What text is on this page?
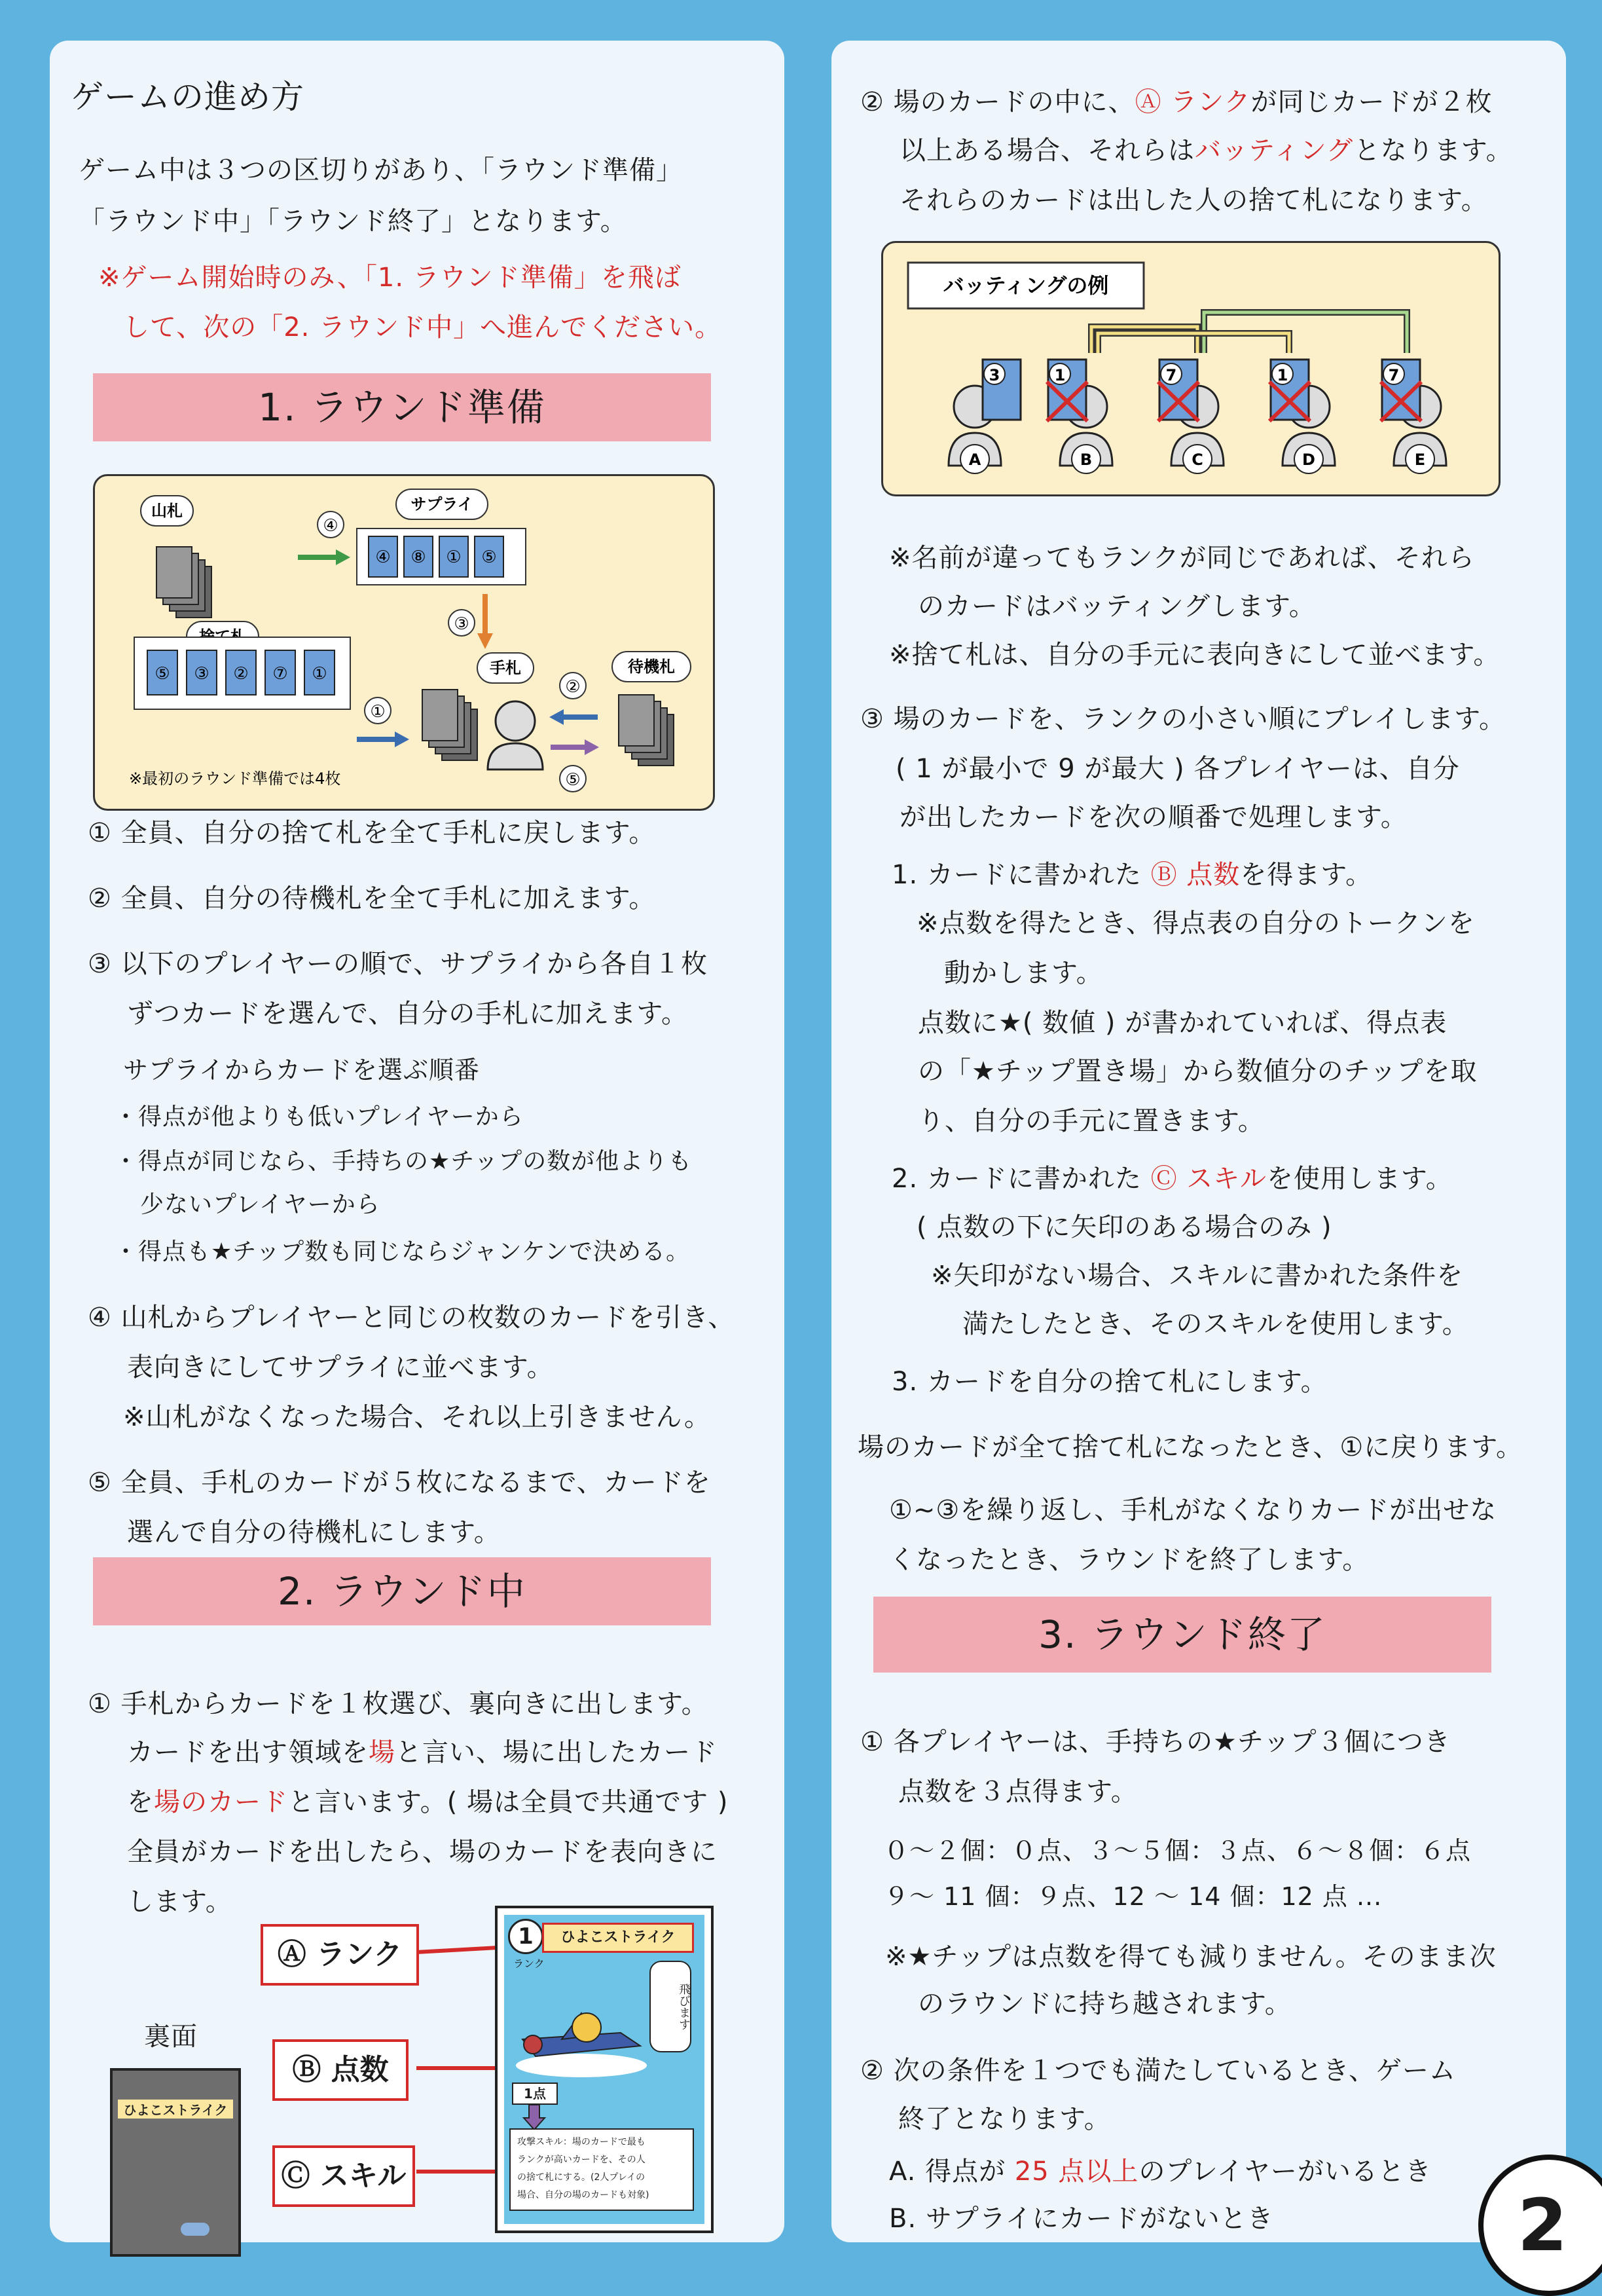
ゲームの進め方
ゲーム中は３つの区切りがあり、「ラウンド準備」
「ラウンド中」「ラウンド終了」となります。
※ゲーム開始時のみ、「1. ラウンド準備」を飛ば
して、次の「2. ラウンド中」へ進んでください。
1. ラウンド準備
山札	サプライ
④ ⑧ ① ⑤
④
③
⑤ ③ ② ⑦ ①
①
手札
②
⑤
待機札
※最初のラウンド準備では4枚
① 全員、自分の捨て札を全て手札に戻します。
② 全員、自分の待機札を全て手札に加えます。
③ 以下のプレイヤーの順で、サプライから各自１枚
ずつカードを選んで、自分の手札に加えます。
サプライからカードを選ぶ順番
・得点が他よりも低いプレイヤーから
・得点が同じなら、手持ちの★チップの数が他よりも
少ないプレイヤーから
・得点も★チップ数も同じならジャンケンで決める。
④ 山札からプレイヤーと同じの枚数のカードを引き、
表向きにしてサプライに並べます。
※山札がなくなった場合、それ以上引きません。
⑤ 全員、手札のカードが５枚になるまで、カードを
選んで自分の待機札にします。
2. ラウンド中
① 手札からカードを１枚選び、裏向きに出します。
カードを出す領域を場と言い、場に出したカード
を場のカードと言います。( 場は全員で共通です )
全員がカードを出したら、場のカードを表向きに
します。
裏面
ひよこストライク
Ⓐ ランク
Ⓑ 点数
Ⓒ スキル
1	ひよこストライク
ランク
飛びます
1点
攻撃スキル：場のカードで最も
ランクが高いカードを、その人
の捨て札にする。(2人プレイの
場合、自分の場のカードも対象)
② 場のカードの中に、Ⓐ ランクが同じカードが２枚
以上ある場合、それらはバッティングとなります。
それらのカードは出した人の捨て札になります。
バッティングの例
3
A
1
B
7
C
1
D
7
E
※名前が違ってもランクが同じであれば、それら
のカードはバッティングします。
※捨て札は、自分の手元に表向きにして並べます。
③ 場のカードを、ランクの小さい順にプレイします。
( 1 が最小で 9 が最大 ) 各プレイヤーは、自分
が出したカードを次の順番で処理します。
1. カードに書かれた Ⓑ 点数を得ます。
※点数を得たとき、得点表の自分のトークンを
動かします。
点数に★( 数値 ) が書かれていれば、得点表
の「★チップ置き場」から数値分のチップを取
り、自分の手元に置きます。
2. カードに書かれた Ⓒ スキルを使用します。
( 点数の下に矢印のある場合のみ )
※矢印がない場合、スキルに書かれた条件を
満たしたとき、そのスキルを使用します。
3. カードを自分の捨て札にします。
場のカードが全て捨て札になったとき、①に戻ります。
①~③を繰り返し、手札がなくなりカードが出せな
くなったとき、ラウンドを終了します。
3. ラウンド終了
① 各プレイヤーは、手持ちの★チップ３個につき
点数を３点得ます。
０～２個：０点、３～５個：３点、６～８個：６点
９～ 11 個：９点、12 ～ 14 個：12 点 ...
※★チップは点数を得ても減りません。そのまま次
のラウンドに持ち越されます。
② 次の条件を１つでも満たしているとき、ゲーム
終了となります。
A. 得点が 25 点以上のプレイヤーがいるとき
B. サプライにカードがないとき	2
